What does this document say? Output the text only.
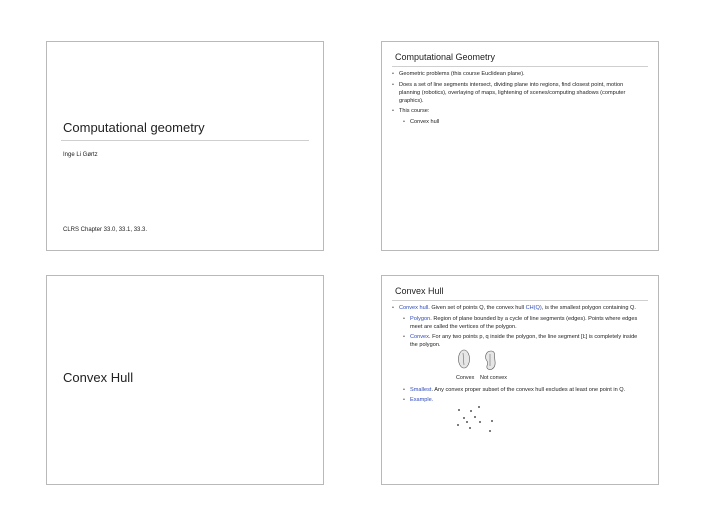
Computational geometry
Inge Li Gørtz
CLRS Chapter 33.0, 33.1, 33.3.
Computational Geometry
• Geometric problems (this course Euclidean plane).
• Does a set of line segments intersect, dividing plane into regions, find closest point, motion planning (robotics), overlaying of maps, lightening of scenes/computing shadows (computer graphics).
• This course:
• Convex hull
Convex Hull
Convex Hull
• Convex hull. Given set of points Q, the convex hull CH(Q), is the smallest polygon containing Q.
• Polygon. Region of plane bounded by a cycle of line segments (edges). Points where edges meet are called the vertices of the polygon.
• Convex. For any two points p, q inside the polygon, the line segment [Ŀ] is completely inside the polygon.
Convex Not convex
• Smallest. Any convex proper subset of the convex hull excludes at least one point in Q.
• Example.
